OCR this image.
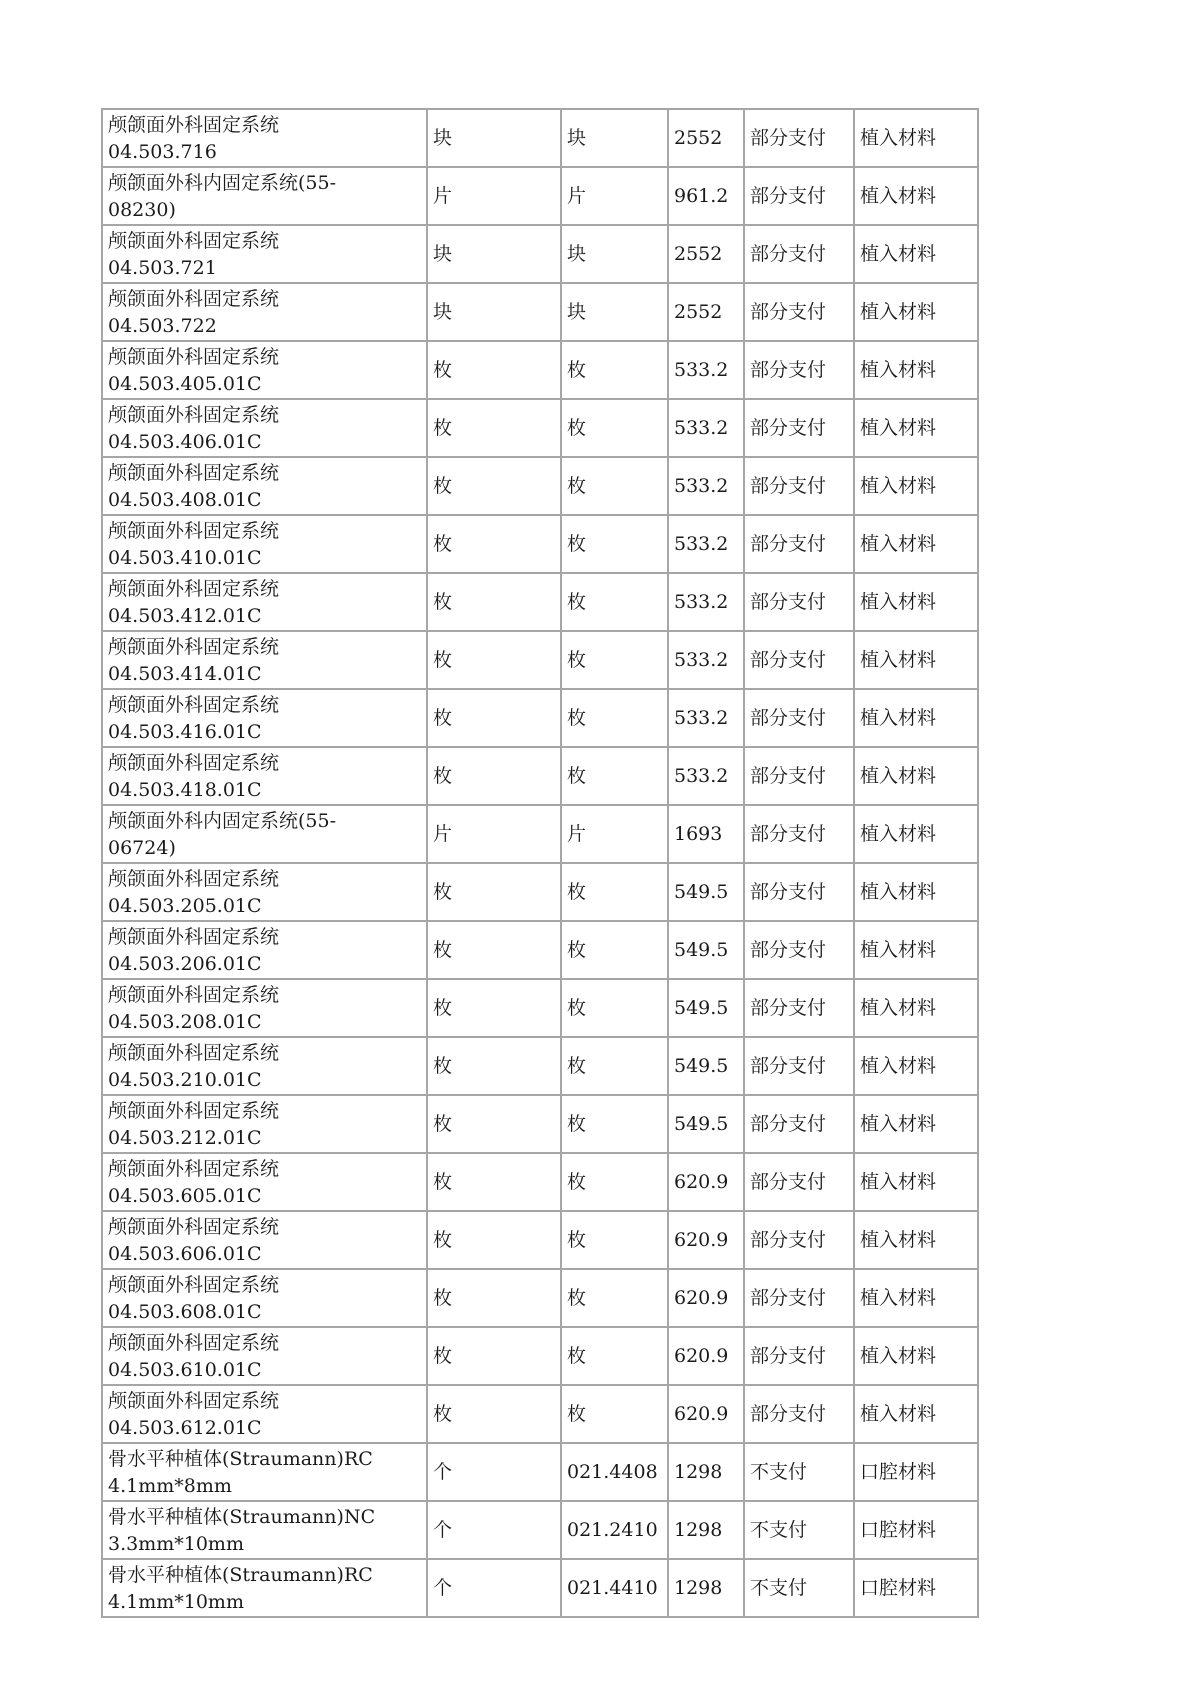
颅颌面外科固定系统
04.503.716	块	块	2552	部分支付	植入材料

颅颌面外科内固定系统(55-
08230)	片	片	961.2	部分支付	植入材料

颅颌面外科固定系统
04.503.721	块	块	2552	部分支付	植入材料

颅颌面外科固定系统
04.503.722	块	块	2552	部分支付	植入材料

颅颌面外科固定系统
04.503.405.01C	枚	枚	533.2	部分支付	植入材料

颅颌面外科固定系统
04.503.406.01C	枚	枚	533.2	部分支付	植入材料

颅颌面外科固定系统
04.503.408.01C	枚	枚	533.2	部分支付	植入材料

颅颌面外科固定系统
04.503.410.01C	枚	枚	533.2	部分支付	植入材料

颅颌面外科固定系统
04.503.412.01C	枚	枚	533.2	部分支付	植入材料

颅颌面外科固定系统
04.503.414.01C	枚	枚	533.2	部分支付	植入材料

颅颌面外科固定系统
04.503.416.01C	枚	枚	533.2	部分支付	植入材料

颅颌面外科固定系统
04.503.418.01C	枚	枚	533.2	部分支付	植入材料

颅颌面外科内固定系统(55-
06724)	片	片	1693	部分支付	植入材料

颅颌面外科固定系统
04.503.205.01C	枚	枚	549.5	部分支付	植入材料

颅颌面外科固定系统
04.503.206.01C	枚	枚	549.5	部分支付	植入材料

颅颌面外科固定系统
04.503.208.01C	枚	枚	549.5	部分支付	植入材料

颅颌面外科固定系统
04.503.210.01C	枚	枚	549.5	部分支付	植入材料

颅颌面外科固定系统
04.503.212.01C	枚	枚	549.5	部分支付	植入材料

颅颌面外科固定系统
04.503.605.01C	枚	枚	620.9	部分支付	植入材料

颅颌面外科固定系统
04.503.606.01C	枚	枚	620.9	部分支付	植入材料

颅颌面外科固定系统
04.503.608.01C	枚	枚	620.9	部分支付	植入材料

颅颌面外科固定系统
04.503.610.01C	枚	枚	620.9	部分支付	植入材料

颅颌面外科固定系统
04.503.612.01C	枚	枚	620.9	部分支付	植入材料

骨水平种植体(Straumann)RC
4.1mm*8mm	个	021.4408	1298	不支付	口腔材料

骨水平种植体(Straumann)NC
3.3mm*10mm	个	021.2410	1298	不支付	口腔材料

骨水平种植体(Straumann)RC
4.1mm*10mm	个	021.4410	1298	不支付	口腔材料
